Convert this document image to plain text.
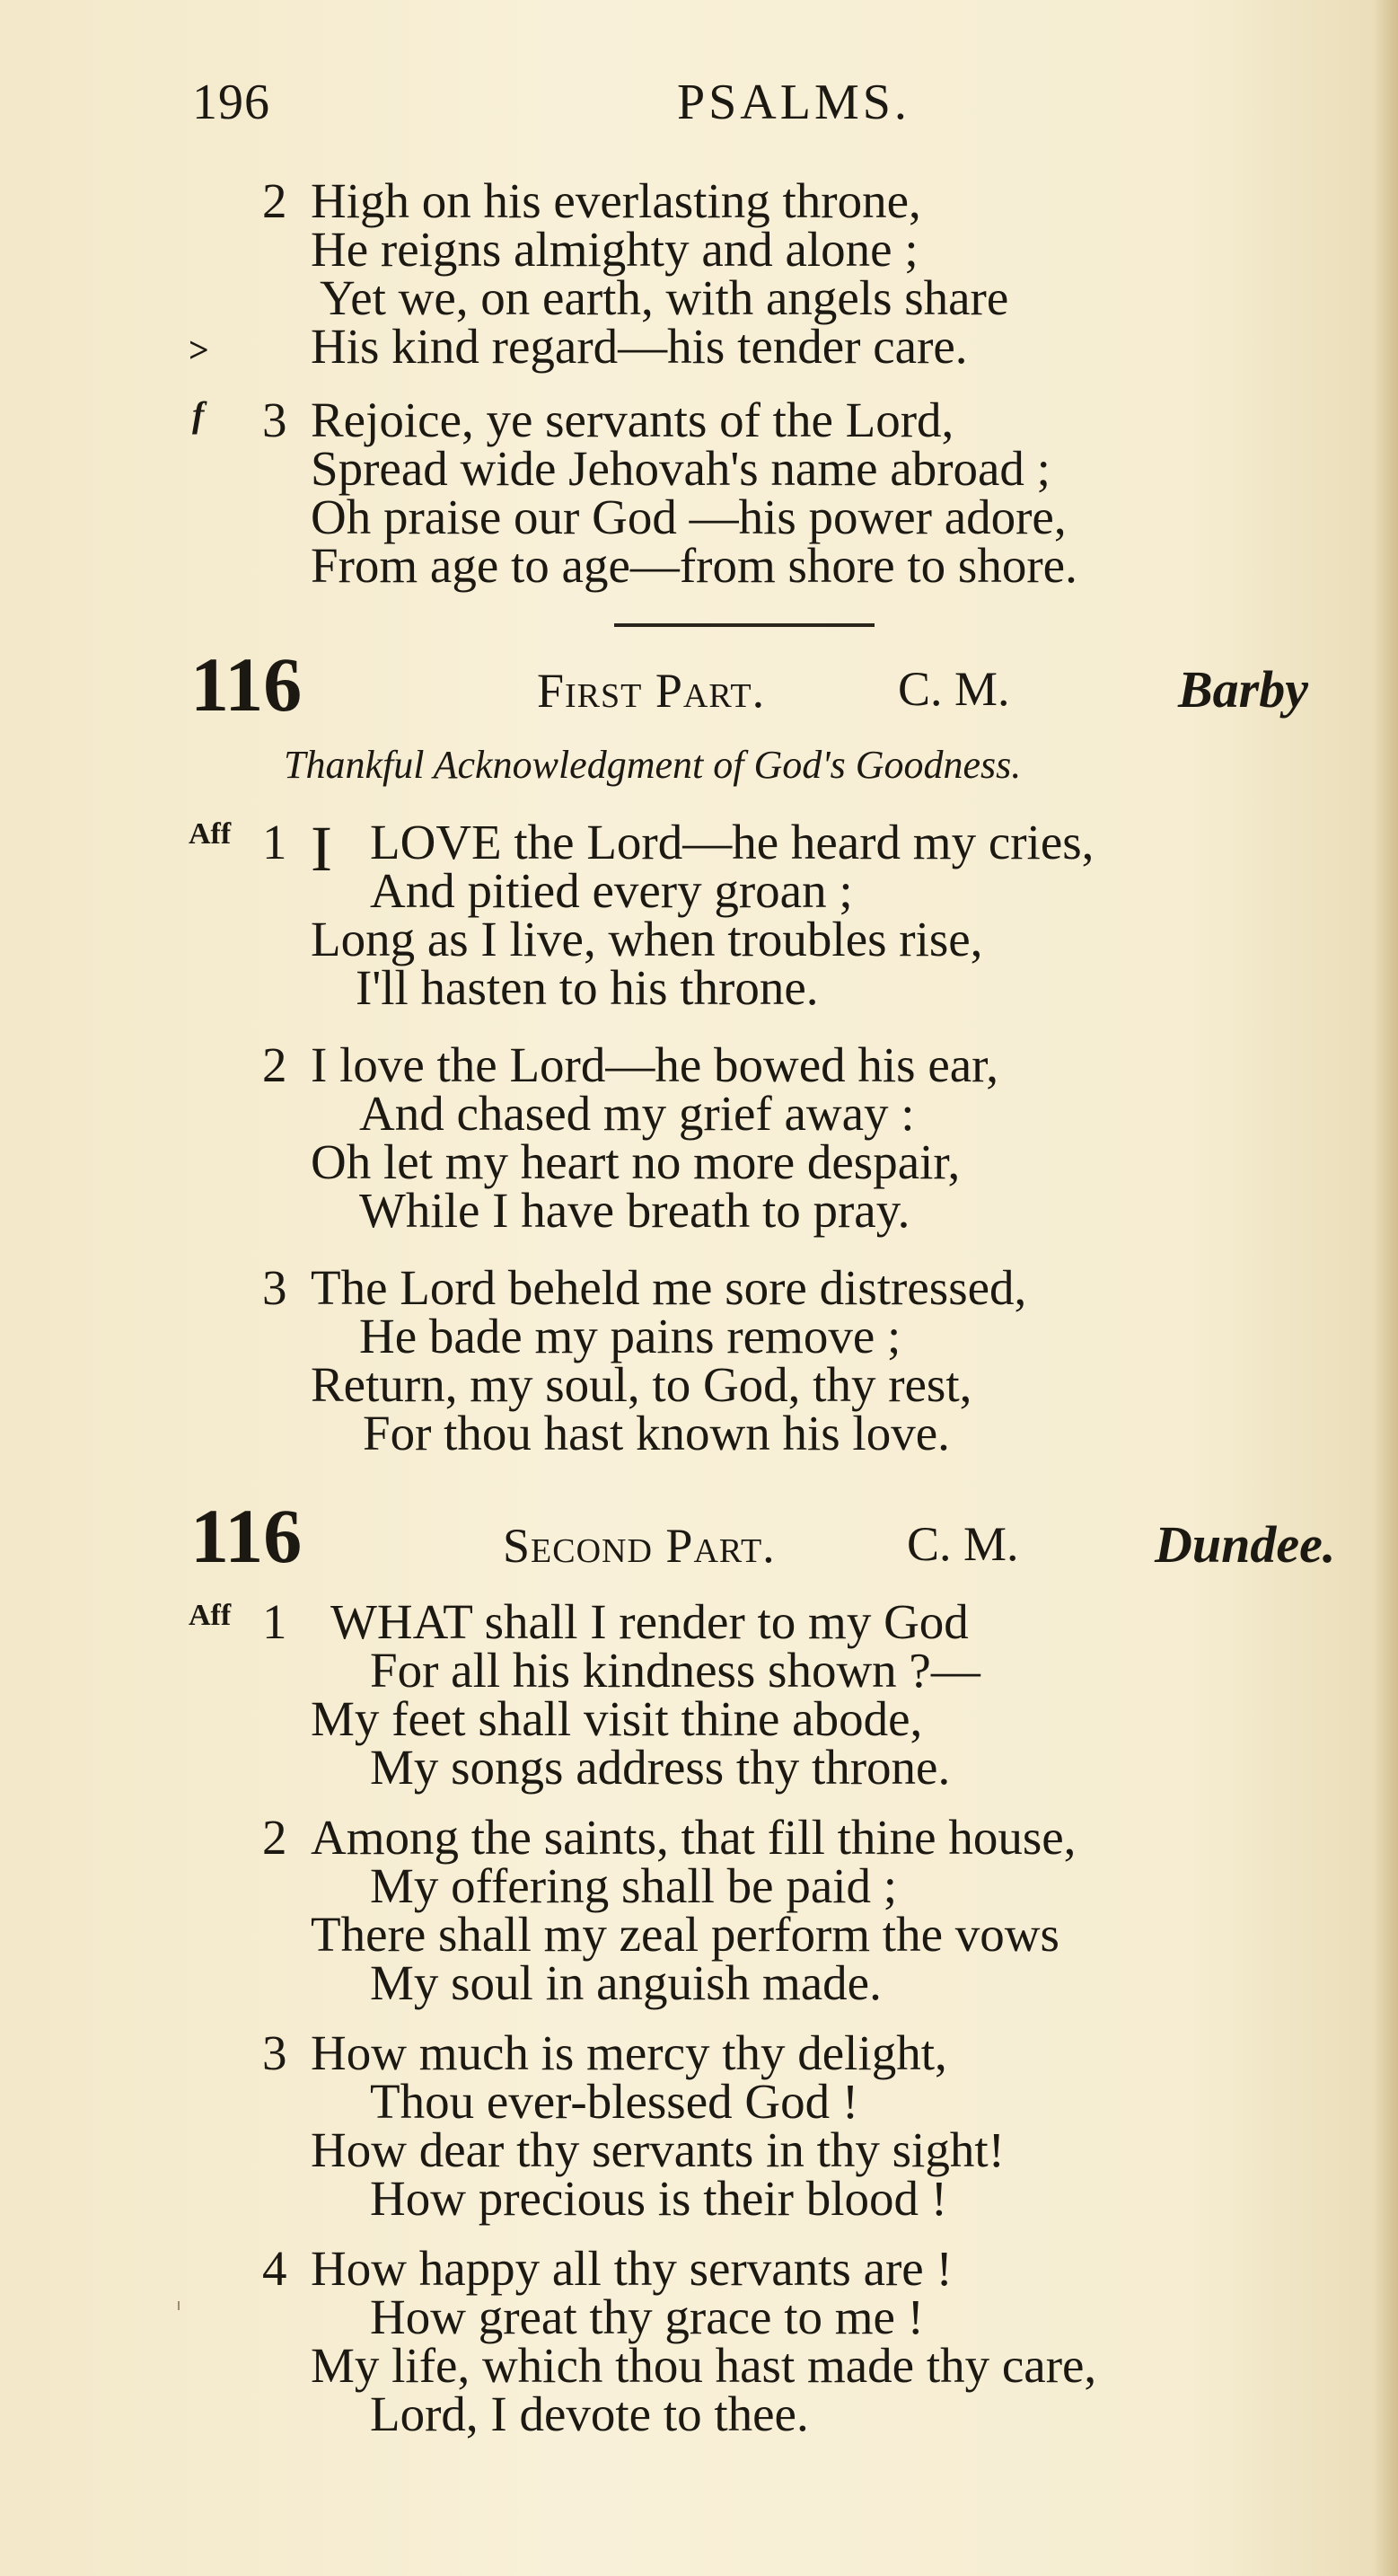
196	PSALMS.
2 High on his everlasting throne,
He reigns almighty and alone ;
Yet we, on earth, with angels share
> His kind regard—his tender care.
f 3 Rejoice, ye servants of the Lord,
Spread wide Jehovah's name abroad ;
Oh praise our God —his power adore,
From age to age—from shore to shore.
116	First Part.	C. M.	Barby
Thankful Acknowledgment of God's Goodness.
Aff 1 I LOVE the Lord—he heard my cries,
And pitied every groan ;
Long as I live, when troubles rise,
I'll hasten to his throne.
2 I love the Lord—he bowed his ear,
And chased my grief away :
Oh let my heart no more despair,
While I have breath to pray.
3 The Lord beheld me sore distressed,
He bade my pains remove ;
Return, my soul, to God, thy rest,
For thou hast known his love.
116	Second Part.	C. M.	Dundee.
Aff 1 WHAT shall I render to my God
For all his kindness shown ?—
My feet shall visit thine abode,
My songs address thy throne.
2 Among the saints, that fill thine house,
My offering shall be paid ;
There shall my zeal perform the vows
My soul in anguish made.
3 How much is mercy thy delight,
Thou ever-blessed God !
How dear thy servants in thy sight!
How precious is their blood !
4 How happy all thy servants are !
How great thy grace to me !
My life, which thou hast made thy care,
Lord, I devote to thee.
